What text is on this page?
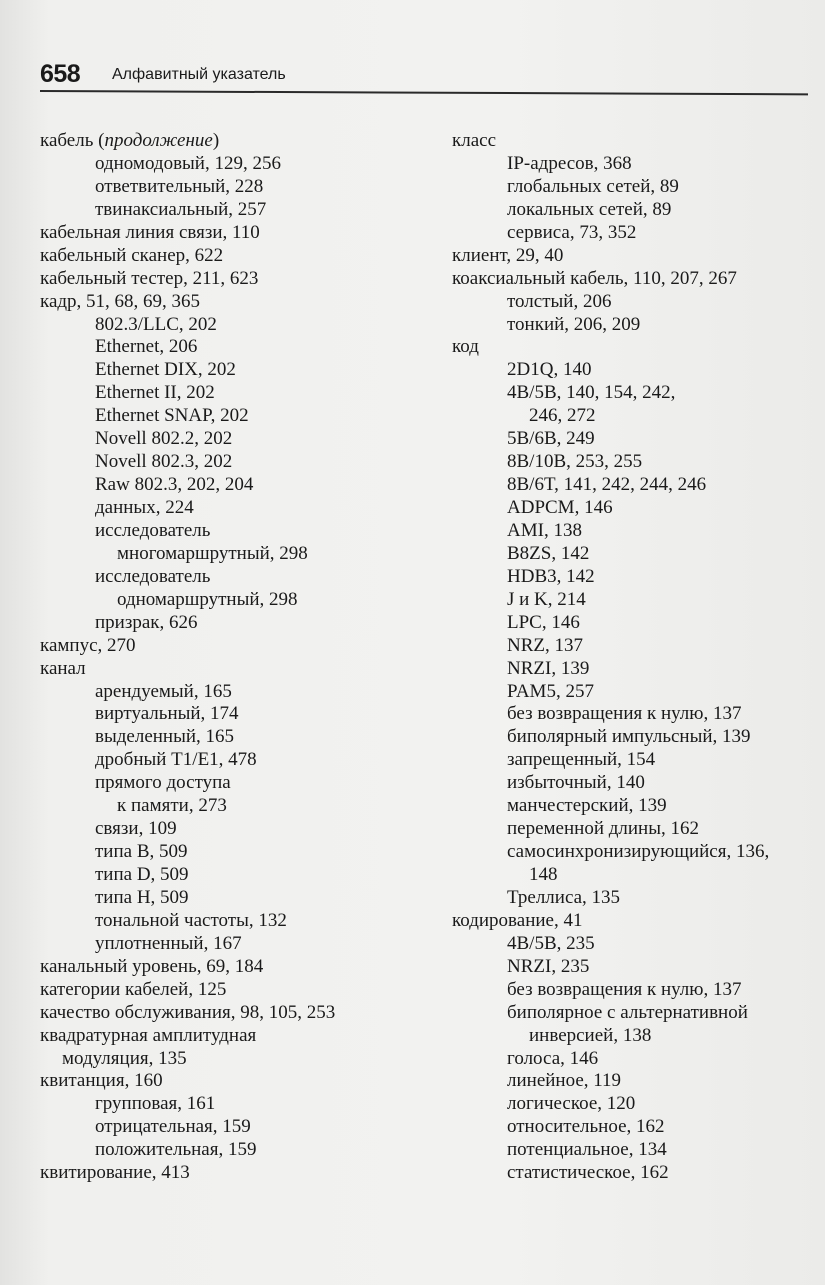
658 Алфавитный указатель
кабель (продолжение)
одномодовый, 129, 256
ответвительный, 228
твинаксиальный, 257
кабельная линия связи, 110
кабельный сканер, 622
кабельный тестер, 211, 623
кадр, 51, 68, 69, 365
802.3/LLC, 202
Ethernet, 206
Ethernet DIX, 202
Ethernet II, 202
Ethernet SNAP, 202
Novell 802.2, 202
Novell 802.3, 202
Raw 802.3, 202, 204
данных, 224
исследователь
многомаршрутный, 298
исследователь
одномаршрутный, 298
призрак, 626
кампус, 270
канал
арендуемый, 165
виртуальный, 174
выделенный, 165
дробный T1/E1, 478
прямого доступа
к памяти, 273
связи, 109
типа B, 509
типа D, 509
типа H, 509
тональной частоты, 132
уплотненный, 167
канальный уровень, 69, 184
категории кабелей, 125
качество обслуживания, 98, 105, 253
квадратурная амплитудная
модуляция, 135
квитанция, 160
групповая, 161
отрицательная, 159
положительная, 159
квитирование, 413
класс
IP-адресов, 368
глобальных сетей, 89
локальных сетей, 89
сервиса, 73, 352
клиент, 29, 40
коаксиальный кабель, 110, 207, 267
толстый, 206
тонкий, 206, 209
код
2D1Q, 140
4B/5B, 140, 154, 242,
246, 272
5B/6B, 249
8B/10B, 253, 255
8B/6T, 141, 242, 244, 246
ADPCM, 146
AMI, 138
B8ZS, 142
HDB3, 142
J и K, 214
LPC, 146
NRZ, 137
NRZI, 139
PAM5, 257
без возвращения к нулю, 137
биполярный импульсный, 139
запрещенный, 154
избыточный, 140
манчестерский, 139
переменной длины, 162
самосинхронизирующийся, 136,
148
Треллиса, 135
кодирование, 41
4B/5B, 235
NRZI, 235
без возвращения к нулю, 137
биполярное с альтернативной
инверсией, 138
голоса, 146
линейное, 119
логическое, 120
относительное, 162
потенциальное, 134
статистическое, 162
